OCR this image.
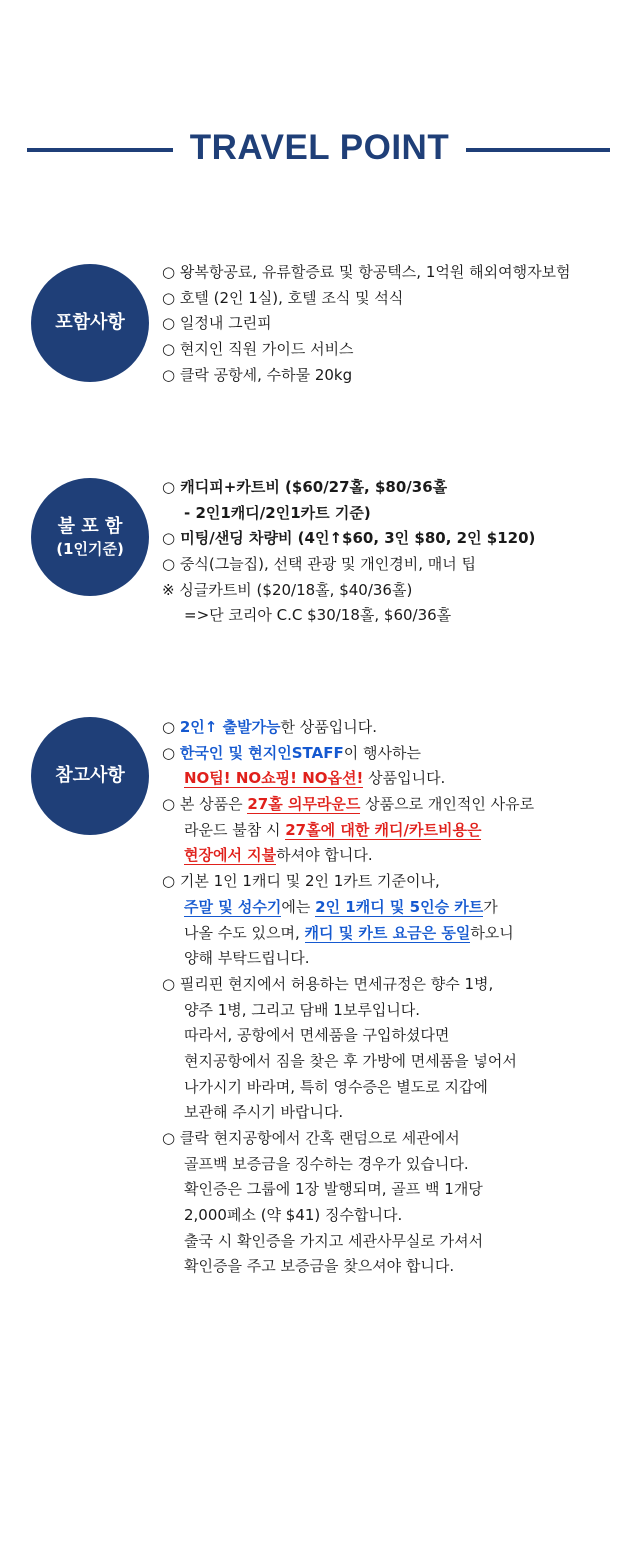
TRAVEL POINT
포함사항
○ 왕복항공료, 유류할증료 및 항공텍스, 1억원 해외여행자보험
○ 호텔 (2인 1실), 호텔 조식 및 석식
○ 일정내 그린피
○ 현지인 직원 가이드 서비스
○ 클락 공항세, 수하물 20kg
불 포 함
(1인기준)
○ 캐디피+카트비 ($60/27홀, $80/36홀
- 2인1캐디/2인1카트 기준)
○ 미팅/샌딩 차량비 (4인↑$60, 3인 $80, 2인 $120)
○ 중식(그늘집), 선택 관광 및 개인경비, 매너 팁
※ 싱글카트비 ($20/18홀, $40/36홀)
=>단 코리아 C.C $30/18홀, $60/36홀
참고사항
○ 2인↑ 출발가능한 상품입니다.
○ 한국인 및 현지인STAFF이 행사하는
NO팁! NO쇼핑! NO옵션! 상품입니다.
○ 본 상품은 27홀 의무라운드 상품으로 개인적인 사유로
라운드 불참 시 27홀에 대한 캐디/카트비용은
현장에서 지불하셔야 합니다.
○ 기본 1인 1캐디 및 2인 1카트 기준이나,
주말 및 성수기에는 2인 1캐디 및 5인승 카트가
나올 수도 있으며, 캐디 및 카트 요금은 동일하오니
양해 부탁드립니다.
○ 필리핀 현지에서 허용하는 면세규정은 향수 1병,
양주 1병, 그리고 담배 1보루입니다.
따라서, 공항에서 면세품을 구입하셨다면
현지공항에서 짐을 찾은 후 가방에 면세품을 넣어서
나가시기 바라며, 특히 영수증은 별도로 지갑에
보관해 주시기 바랍니다.
○ 클락 현지공항에서 간혹 랜덤으로 세관에서
골프백 보증금을 징수하는 경우가 있습니다.
확인증은 그룹에 1장 발행되며, 골프 백 1개당
2,000페소 (약 $41) 징수합니다.
출국 시 확인증을 가지고 세관사무실로 가셔서
확인증을 주고 보증금을 찾으셔야 합니다.
